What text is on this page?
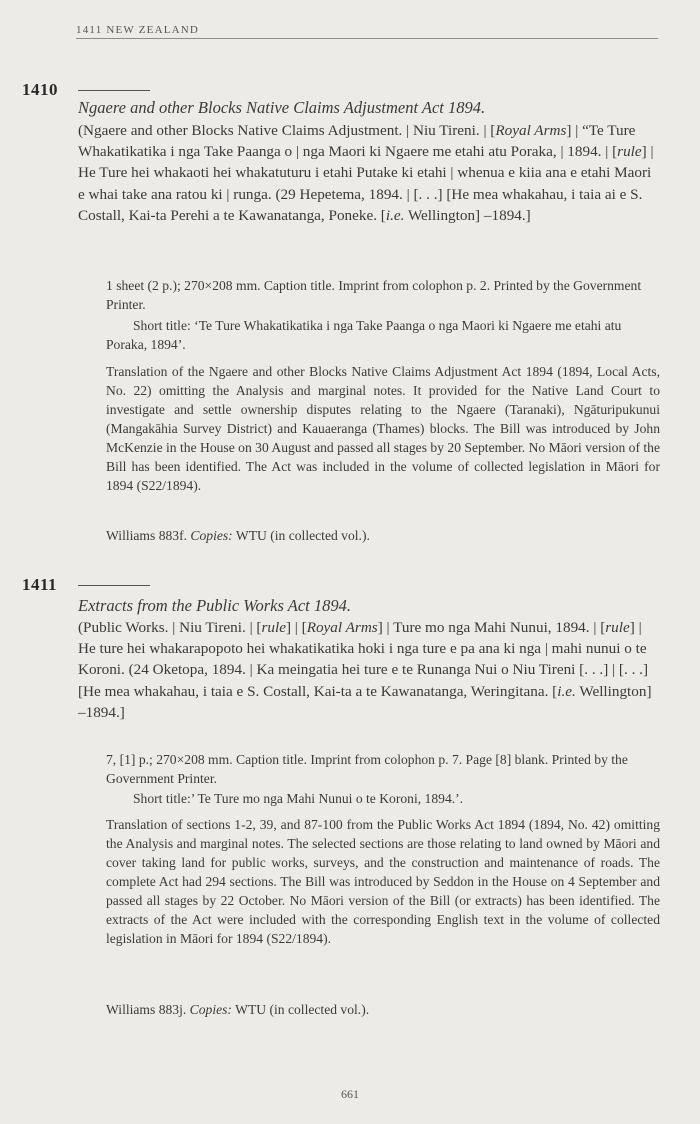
1411 NEW ZEALAND
1410
Ngaere and other Blocks Native Claims Adjustment Act 1894.
(Ngaere and other Blocks Native Claims Adjustment. | Niu Tireni. | [Royal Arms] | “Te Ture Whakatikatika i nga Take Paanga o | nga Maori ki Ngaere me etahi atu Poraka, | 1894. | [rule] | He Ture hei whakaoti hei whakatuturu i etahi Putake ki etahi | whenua e kiia ana e etahi Maori e whai take ana ratou ki | runga. (29 Hepetema, 1894. | [. . .] [He mea whakahau, i taia ai e S. Costall, Kai-ta Perehi a te Kawanatanga, Poneke. [i.e. Wellington] –1894.]
1 sheet (2 p.); 270×208 mm. Caption title. Imprint from colophon p. 2. Printed by the Government Printer.
Short title: ‘Te Ture Whakatikatika i nga Take Paanga o nga Maori ki Ngaere me etahi atu Poraka, 1894’.
Translation of the Ngaere and other Blocks Native Claims Adjustment Act 1894 (1894, Local Acts, No. 22) omitting the Analysis and marginal notes. It provided for the Native Land Court to investigate and settle ownership disputes relating to the Ngaere (Taranaki), Ngāturipukunui (Mangakāhia Survey District) and Kauaeranga (Thames) blocks. The Bill was introduced by John McKenzie in the House on 30 August and passed all stages by 20 September. No Māori version of the Bill has been identified. The Act was included in the volume of collected legislation in Māori for 1894 (S22/1894).
Williams 883f. Copies: WTU (in collected vol.).
1411
Extracts from the Public Works Act 1894.
(Public Works. | Niu Tireni. | [rule] | [Royal Arms] | Ture mo nga Mahi Nunui, 1894. | [rule] | He ture hei whakarapopoto hei whakatikatika hoki i nga ture e pa ana ki nga | mahi nunui o te Koroni. (24 Oketopa, 1894. | Ka meingatia hei ture e te Runanga Nui o Niu Tireni [. . .] | [. . .] [He mea whakahau, i taia e S. Costall, Kai-ta a te Kawanatanga, Weringitana. [i.e. Wellington] –1894.]
7, [1] p.; 270×208 mm. Caption title. Imprint from colophon p. 7. Page [8] blank. Printed by the Government Printer.
Short title:’ Te Ture mo nga Mahi Nunui o te Koroni, 1894.’.
Translation of sections 1-2, 39, and 87-100 from the Public Works Act 1894 (1894, No. 42) omitting the Analysis and marginal notes. The selected sections are those relating to land owned by Māori and cover taking land for public works, surveys, and the construction and maintenance of roads. The complete Act had 294 sections. The Bill was introduced by Seddon in the House on 4 September and passed all stages by 22 October. No Māori version of the Bill (or extracts) has been identified. The extracts of the Act were included with the corresponding English text in the volume of collected legislation in Māori for 1894 (S22/1894).
Williams 883j. Copies: WTU (in collected vol.).
661
